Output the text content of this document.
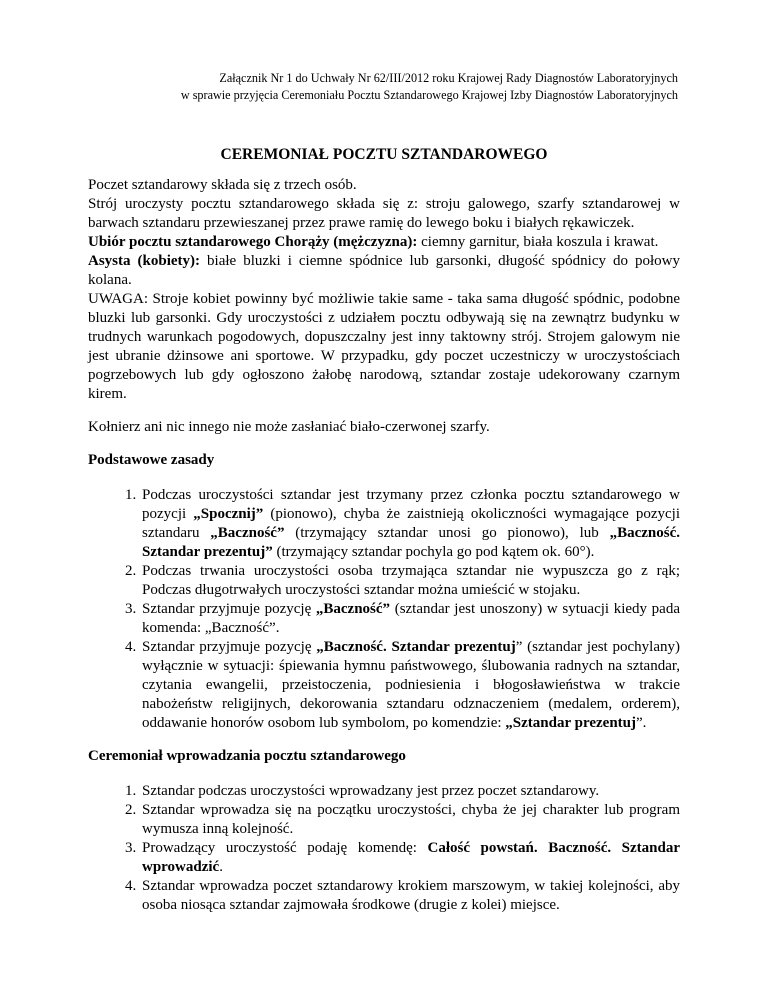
Załącznik Nr 1 do Uchwały Nr 62/III/2012 roku Krajowej Rady Diagnostów Laboratoryjnych
w sprawie przyjęcia Ceremoniału Pocztu Sztandarowego Krajowej Izby Diagnostów Laboratoryjnych
CEREMONIAŁ POCZTU SZTANDAROWEGO

Poczet sztandarowy składa się z trzech osób.

Strój uroczysty pocztu sztandarowego składa się z: stroju galowego, szarfy sztandarowej w barwach sztandaru przewieszanej przez prawe ramię do lewego boku i białych rękawiczek.

Ubiór pocztu sztandarowego Chorąży (mężczyzna): ciemny garnitur, biała koszula i krawat.

Asysta (kobiety): białe bluzki i ciemne spódnice lub garsonki, długość spódnicy do połowy kolana.

UWAGA: Stroje kobiet powinny być możliwie takie same - taka sama długość spódnic, podobne bluzki lub garsonki. Gdy uroczystości z udziałem pocztu odbywają się na zewnątrz budynku w trudnych warunkach pogodowych, dopuszczalny jest inny taktowny strój. Strojem galowym nie jest ubranie dżinsowe ani sportowe. W przypadku, gdy poczet uczestniczy w uroczystościach pogrzebowych lub gdy ogłoszono żałobę narodową, sztandar zostaje udekorowany czarnym kirem.

Kołnierz ani nic innego nie może zasłaniać biało-czerwonej szarfy.

Podstawowe zasady
1. Podczas uroczystości sztandar jest trzymany przez członka pocztu sztandarowego w pozycji „Spocznij” (pionowo), chyba że zaistnieją okoliczności wymagające pozycji sztandaru „Baczność” (trzymający sztandar unosi go pionowo), lub „Baczność. Sztandar prezentuj” (trzymający sztandar pochyla go pod kątem ok. 60°).
2. Podczas trwania uroczystości osoba trzymająca sztandar nie wypuszcza go z rąk; Podczas długotrwałych uroczystości sztandar można umieścić w stojaku.
3. Sztandar przyjmuje pozycję „Baczność” (sztandar jest unoszony) w sytuacji kiedy pada komenda: „Baczność”.
4. Sztandar przyjmuje pozycję „Baczność. Sztandar prezentuj” (sztandar jest pochylany) wyłącznie w sytuacji: śpiewania hymnu państwowego, ślubowania radnych na sztandar, czytania ewangelii, przeistoczenia, podniesienia i błogosławieństwa w trakcie nabożeństw religijnych, dekorowania sztandaru odznaczeniem (medalem, orderem), oddawanie honorów osobom lub symbolom, po komendzie: „Sztandar prezentuj”.
Ceremoniał wprowadzania pocztu sztandarowego
1. Sztandar podczas uroczystości wprowadzany jest przez poczet sztandarowy.
2. Sztandar wprowadza się na początku uroczystości, chyba że jej charakter lub program wymusza inną kolejność.
3. Prowadzący uroczystość podaję komendę: Całość powstań. Baczność. Sztandar wprowadzić.
4. Sztandar wprowadza poczet sztandarowy krokiem marszowym, w takiej kolejności, aby osoba niosąca sztandar zajmowała środkowe (drugie z kolei) miejsce.
